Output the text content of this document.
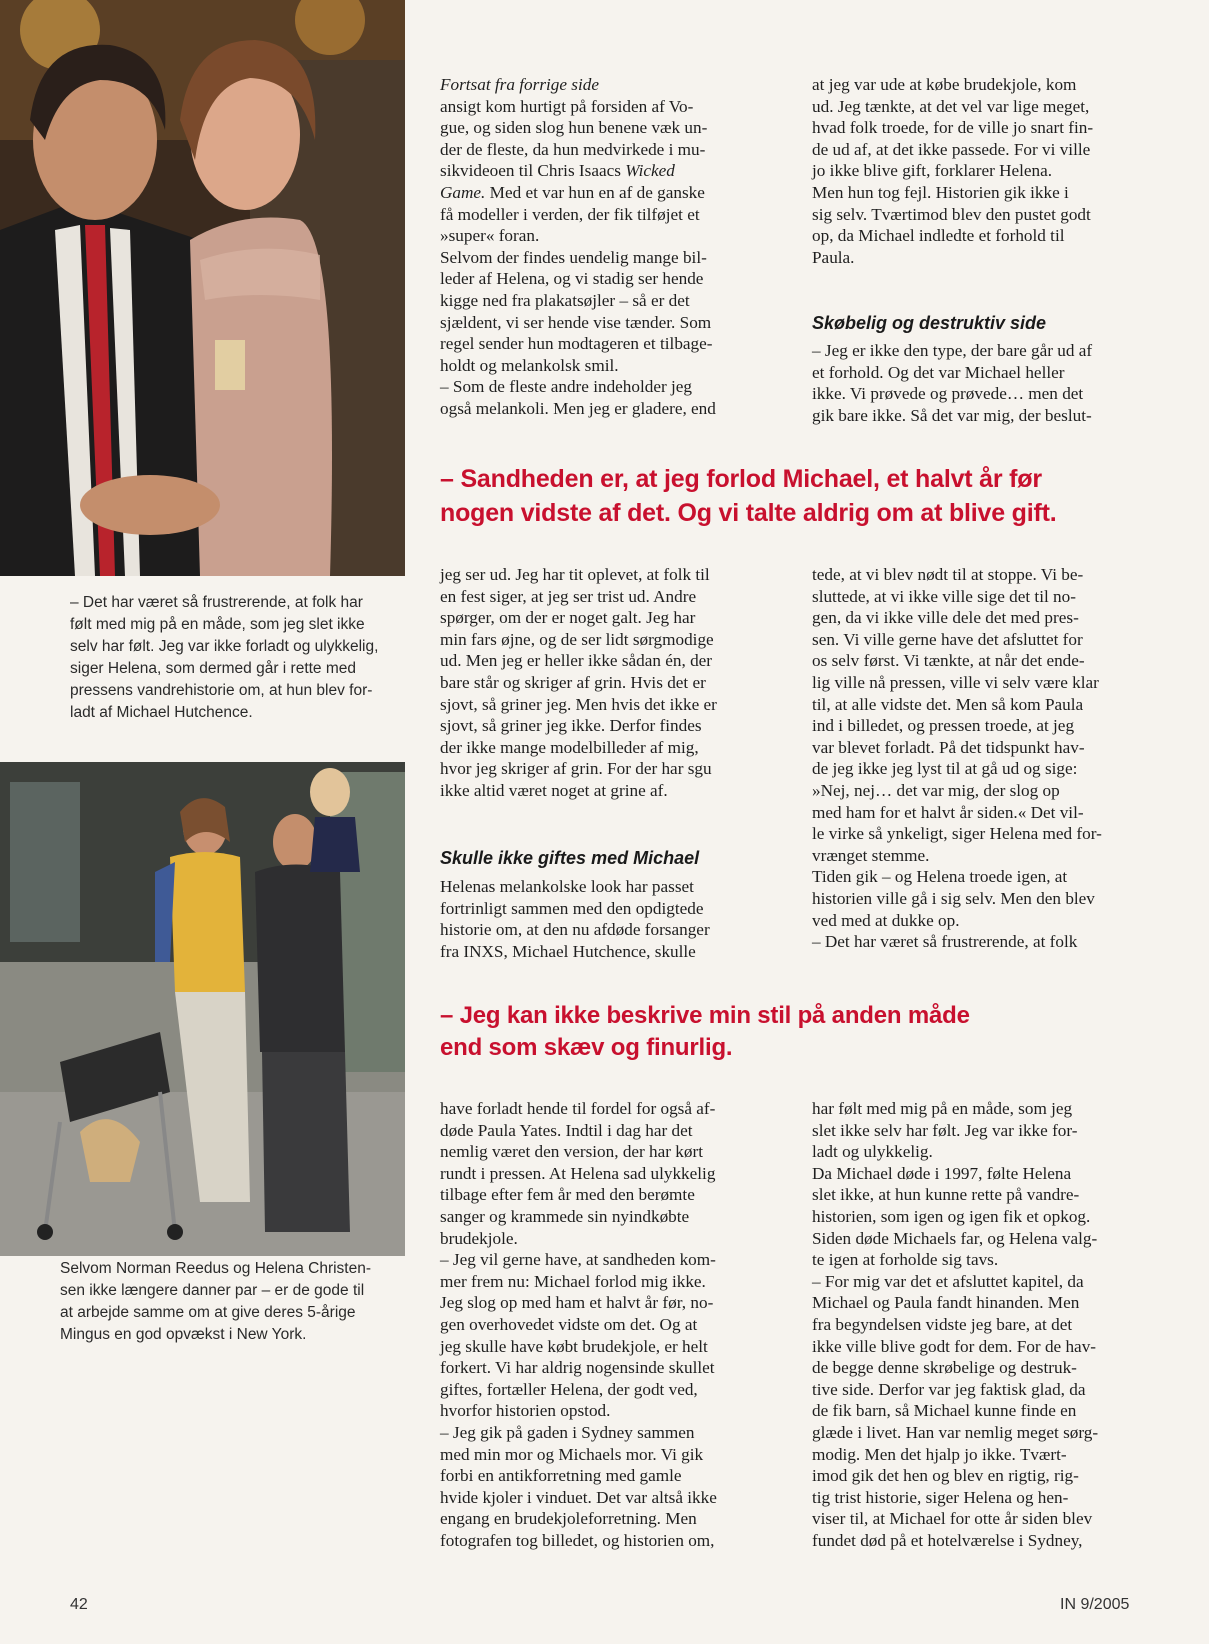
– Det har været så frustrerende, at folk har
følt med mig på en måde, som jeg slet ikke
selv har følt. Jeg var ikke forladt og ulykkelig,
siger Helena, som dermed går i rette med
pressens vandrehistorie om, at hun blev for-
ladt af Michael Hutchence.
Selvom Norman Reedus og Helena Christen-
sen ikke længere danner par – er de gode til
at arbejde samme om at give deres 5-årige
Mingus en god opvækst i New York.

Fortsat fra forrige side

ansigt kom hurtigt på forsiden af Vo-

gue, og siden slog hun benene væk un-

der de fleste, da hun medvirkede i mu-

sikvideoen til Chris Isaacs Wicked

Game. Med et var hun en af de ganske

få modeller i verden, der fik tilføjet et

»super« foran.

Selvom der findes uendelig mange bil-

leder af Helena, og vi stadig ser hende

kigge ned fra plakatsøjler – så er det

sjældent, vi ser hende vise tænder. Som

regel sender hun modtageren et tilbage-

holdt og melankolsk smil.

– Som de fleste andre indeholder jeg

også melankoli. Men jeg er gladere, end

at jeg var ude at købe brudekjole, kom

ud. Jeg tænkte, at det vel var lige meget,

hvad folk troede, for de ville jo snart fin-

de ud af, at det ikke passede. For vi ville

jo ikke blive gift, forklarer Helena.

Men hun tog fejl. Historien gik ikke i

sig selv. Tværtimod blev den pustet godt

op, da Michael indledte et forhold til

Paula.

Skøbelig og destruktiv side

– Jeg er ikke den type, der bare går ud af

et forhold. Og det var Michael heller

ikke. Vi prøvede og prøvede… men det

gik bare ikke. Så det var mig, der beslut-

– Sandheden er, at jeg forlod Michael, et halvt år før
nogen vidste af det. Og vi talte aldrig om at blive gift.

jeg ser ud. Jeg har tit oplevet, at folk til

en fest siger, at jeg ser trist ud. Andre

spørger, om der er noget galt. Jeg har

min fars øjne, og de ser lidt sørgmodige

ud. Men jeg er heller ikke sådan én, der

bare står og skriger af grin. Hvis det er

sjovt, så griner jeg. Men hvis det ikke er

sjovt, så griner jeg ikke. Derfor findes

der ikke mange modelbilleder af mig,

hvor jeg skriger af grin. For der har sgu

ikke altid været noget at grine af.

Skulle ikke giftes med Michael

Helenas melankolske look har passet

fortrinligt sammen med den opdigtede

historie om, at den nu afdøde forsanger

fra INXS, Michael Hutchence, skulle

tede, at vi blev nødt til at stoppe. Vi be-

sluttede, at vi ikke ville sige det til no-

gen, da vi ikke ville dele det med pres-

sen. Vi ville gerne have det afsluttet for

os selv først. Vi tænkte, at når det ende-

lig ville nå pressen, ville vi selv være klar

til, at alle vidste det. Men så kom Paula

ind i billedet, og pressen troede, at jeg

var blevet forladt. På det tidspunkt hav-

de jeg ikke jeg lyst til at gå ud og sige:

»Nej, nej… det var mig, der slog op

med ham for et halvt år siden.« Det vil-

le virke så ynkeligt, siger Helena med for-

vrænget stemme.

Tiden gik – og Helena troede igen, at

historien ville gå i sig selv. Men den blev

ved med at dukke op.

– Det har været så frustrerende, at folk

– Jeg kan ikke beskrive min stil på anden måde
end som skæv og finurlig.

have forladt hende til fordel for også af-

døde Paula Yates. Indtil i dag har det

nemlig været den version, der har kørt

rundt i pressen. At Helena sad ulykkelig

tilbage efter fem år med den berømte

sanger og krammede sin nyindkøbte

brudekjole.

– Jeg vil gerne have, at sandheden kom-

mer frem nu: Michael forlod mig ikke.

Jeg slog op med ham et halvt år før, no-

gen overhovedet vidste om det. Og at

jeg skulle have købt brudekjole, er helt

forkert. Vi har aldrig nogensinde skullet

giftes, fortæller Helena, der godt ved,

hvorfor historien opstod.

– Jeg gik på gaden i Sydney sammen

med min mor og Michaels mor. Vi gik

forbi en antikforretning med gamle

hvide kjoler i vinduet. Det var altså ikke

engang en brudekjoleforretning. Men

fotografen tog billedet, og historien om,

har følt med mig på en måde, som jeg

slet ikke selv har følt. Jeg var ikke for-

ladt og ulykkelig.

Da Michael døde i 1997, følte Helena

slet ikke, at hun kunne rette på vandre-

historien, som igen og igen fik et opkog.

Siden døde Michaels far, og Helena valg-

te igen at forholde sig tavs.

– For mig var det et afsluttet kapitel, da

Michael og Paula fandt hinanden. Men

fra begyndelsen vidste jeg bare, at det

ikke ville blive godt for dem. For de hav-

de begge denne skrøbelige og destruk-

tive side. Derfor var jeg faktisk glad, da

de fik barn, så Michael kunne finde en

glæde i livet. Han var nemlig meget sørg-

modig. Men det hjalp jo ikke. Tvært-

imod gik det hen og blev en rigtig, rig-

tig trist historie, siger Helena og hen-

viser til, at Michael for otte år siden blev

fundet død på et hotelværelse i Sydney,

42	IN 9/2005
